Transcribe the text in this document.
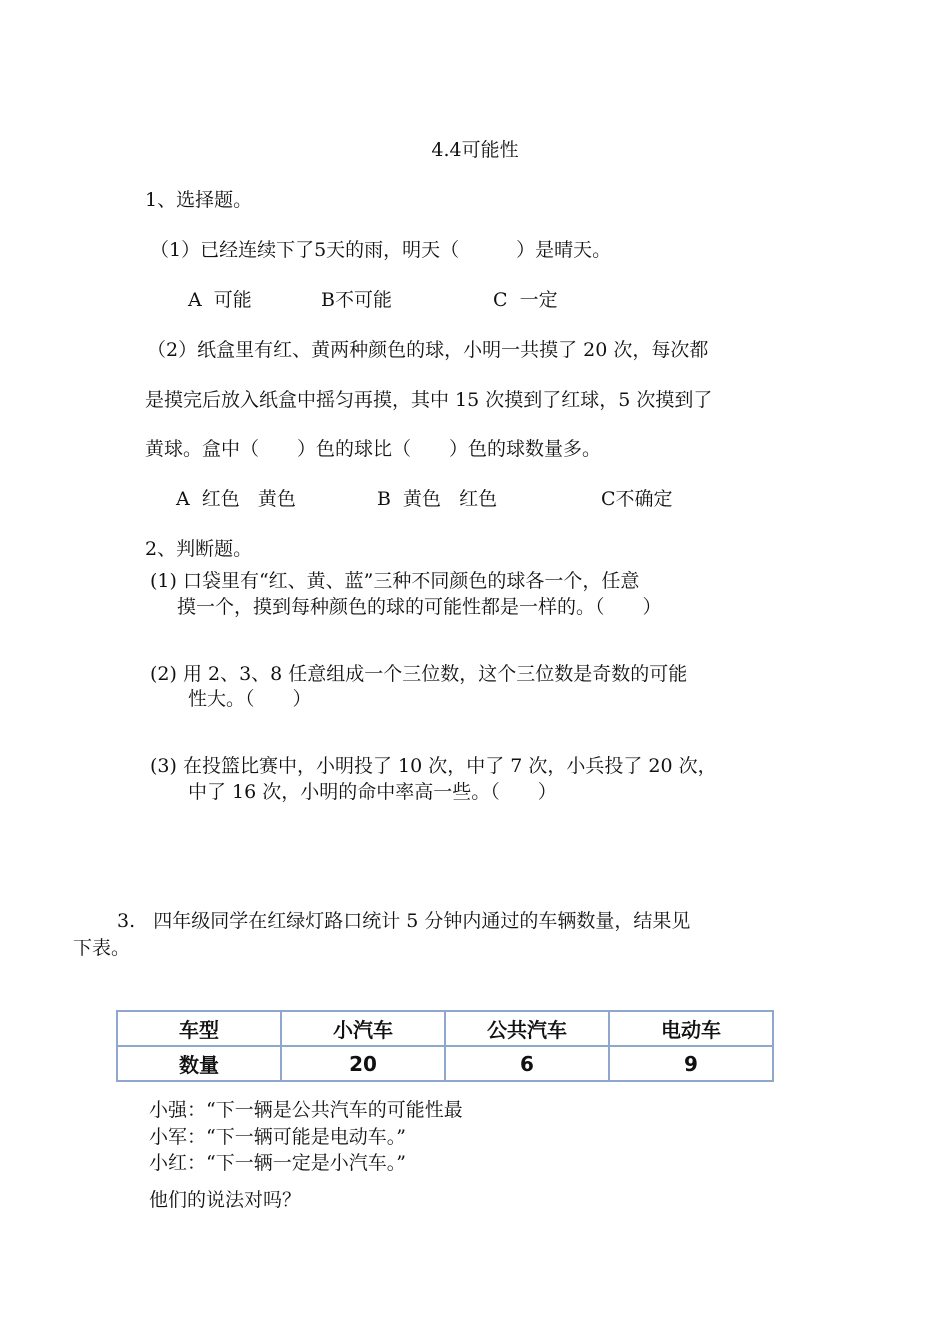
4.4可能性
1、选择题。
（1）已经连续下了5天的雨，明天（　　　）是晴天。
A  可能	B不可能	C  一定
（2）纸盒里有红、黄两种颜色的球，小明一共摸了 20 次，每次都
是摸完后放入纸盒中摇匀再摸，其中 15 次摸到了红球，5 次摸到了
黄球。盒中（　　）色的球比（　　）色的球数量多。
A  红色   黄色	B  黄色   红色	C不确定
2、判断题。
(1) 口袋里有“红、黄、蓝”三种不同颜色的球各一个，任意
摸一个，摸到每种颜色的球的可能性都是一样的。（　　）
(2) 用 2、3、8 任意组成一个三位数，这个三位数是奇数的可能
性大。（　　）
(3) 在投篮比赛中，小明投了 10 次，中了 7 次，小兵投了 20 次，
中了 16 次，小明的命中率高一些。（　　）
3.   四年级同学在红绿灯路口统计 5 分钟内通过的车辆数量，结果见
下表。
车型	小汽车	公共汽车	电动车
数量	20	6	9
小强：“下一辆是公共汽车的可能性最
小军：“下一辆可能是电动车。”
小红：“下一辆一定是小汽车。”
他们的说法对吗？
